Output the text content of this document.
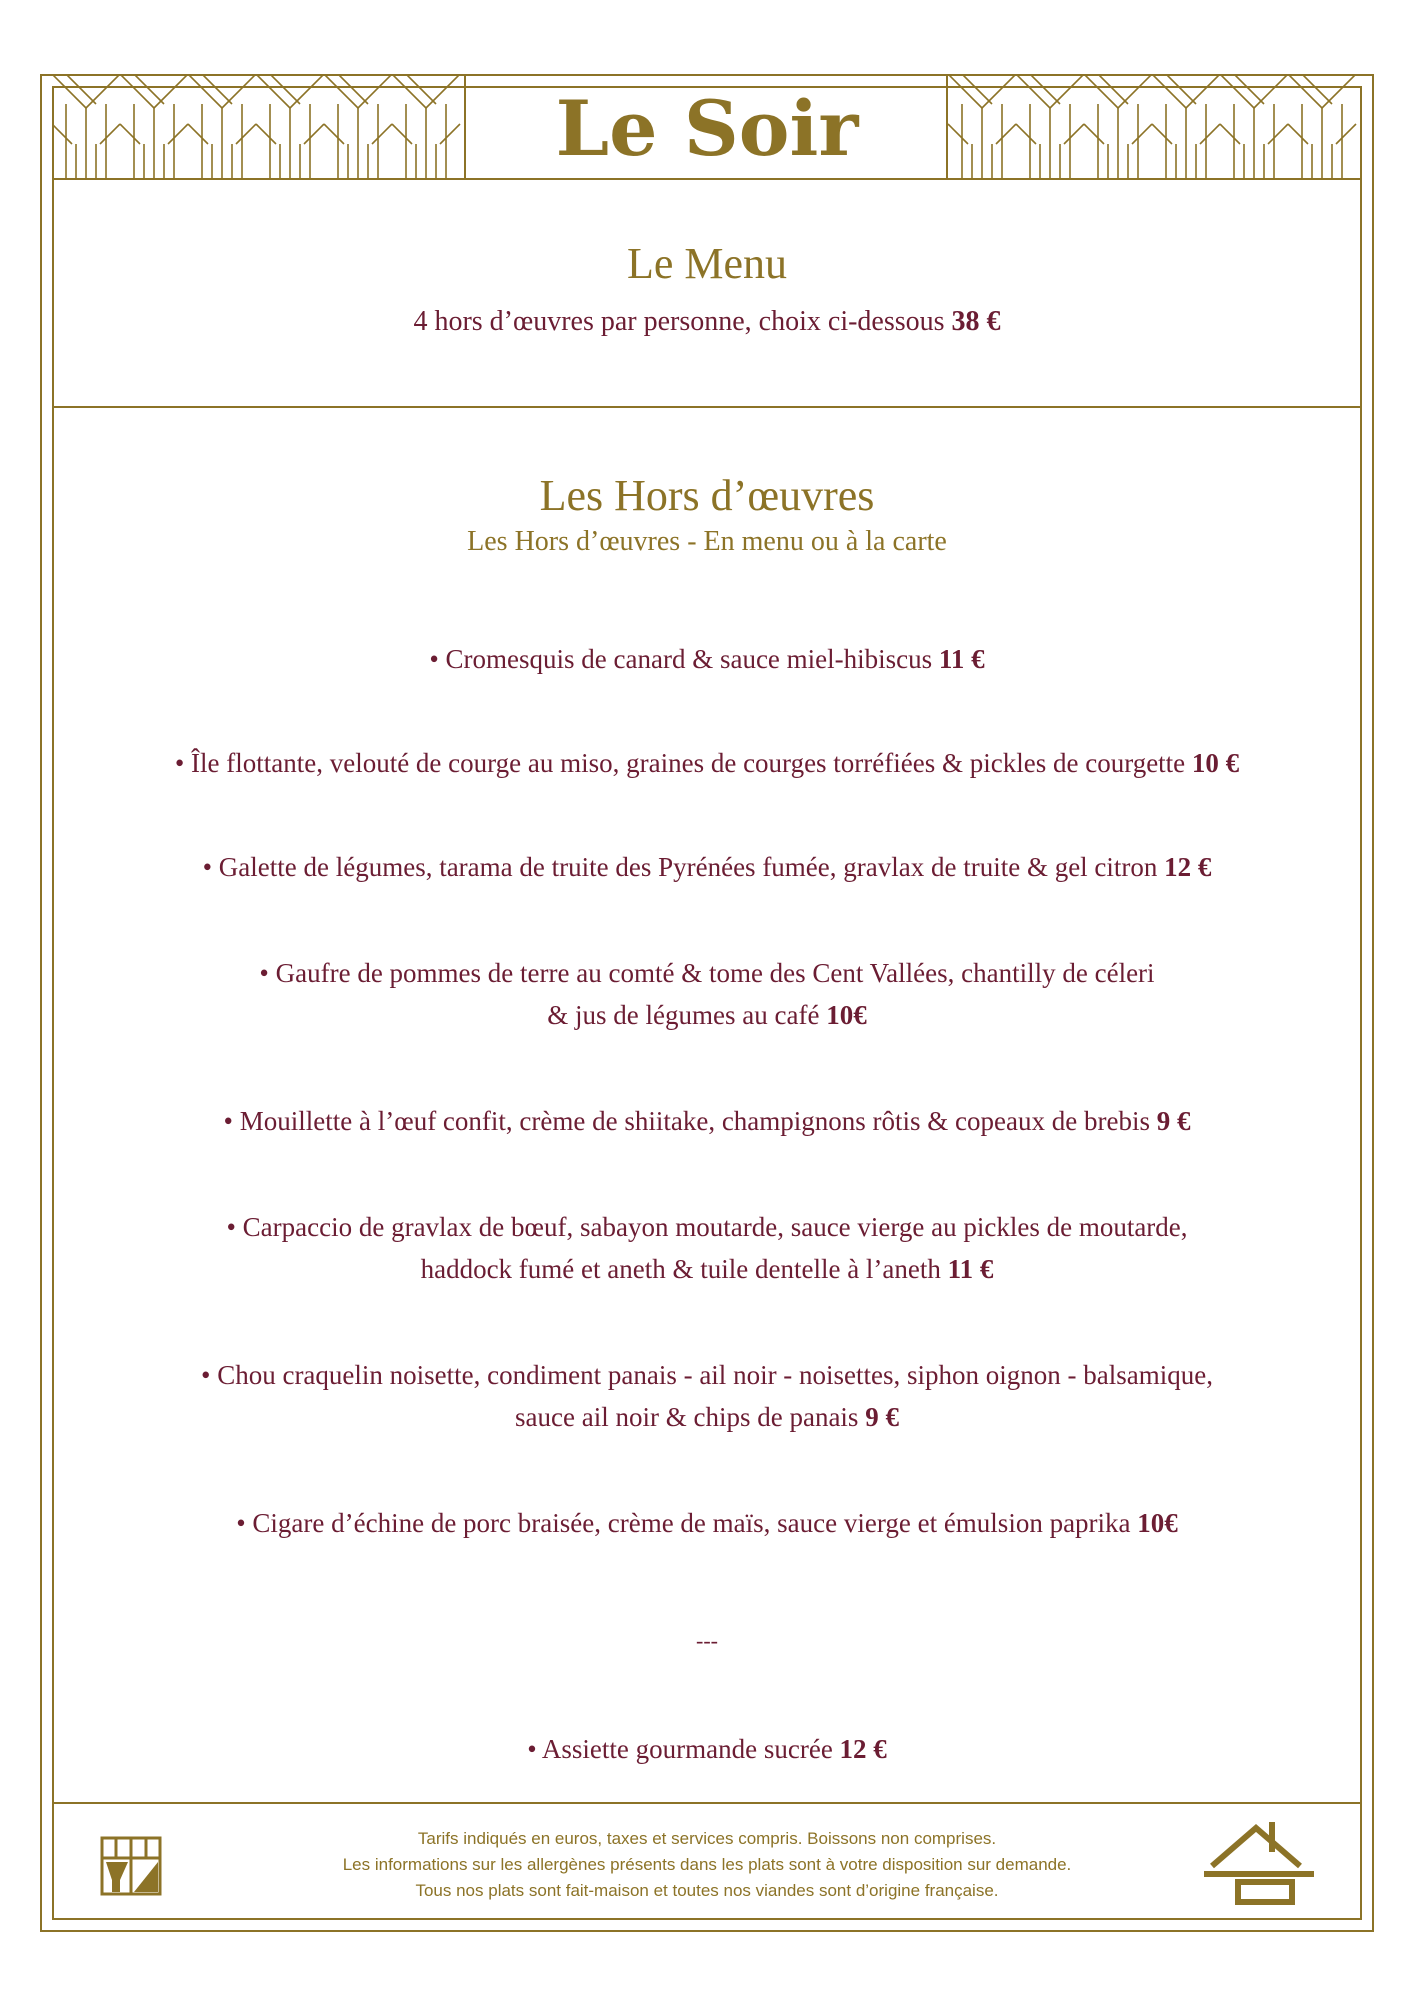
Le Soir
Le Menu
4 hors d’œuvres par personne, choix ci-dessous 38 €
Les Hors d’œuvres
Les Hors d’œuvres - En menu ou à la carte
• Cromesquis de canard & sauce miel-hibiscus 11 €
• Île flottante, velouté de courge au miso, graines de courges torréfiées & pickles de courgette 10 €
• Galette de légumes, tarama de truite des Pyrénées fumée, gravlax de truite & gel citron 12 €
• Gaufre de pommes de terre au comté & tome des Cent Vallées, chantilly de céleri
& jus de légumes au café 10€
• Mouillette à l’œuf confit, crème de shiitake, champignons rôtis & copeaux de brebis 9 €
• Carpaccio de gravlax de bœuf, sabayon moutarde, sauce vierge au pickles de moutarde,
haddock fumé et aneth & tuile dentelle à l’aneth 11 €
• Chou craquelin noisette, condiment panais - ail noir - noisettes, siphon oignon - balsamique,
sauce ail noir & chips de panais 9 €
• Cigare d’échine de porc braisée, crème de maïs, sauce vierge et émulsion paprika 10€
---
• Assiette gourmande sucrée 12 €
Tarifs indiqués en euros, taxes et services compris. Boissons non comprises.
Les informations sur les allergènes présents dans les plats sont à votre disposition sur demande.
Tous nos plats sont fait-maison et toutes nos viandes sont d’origine française.
